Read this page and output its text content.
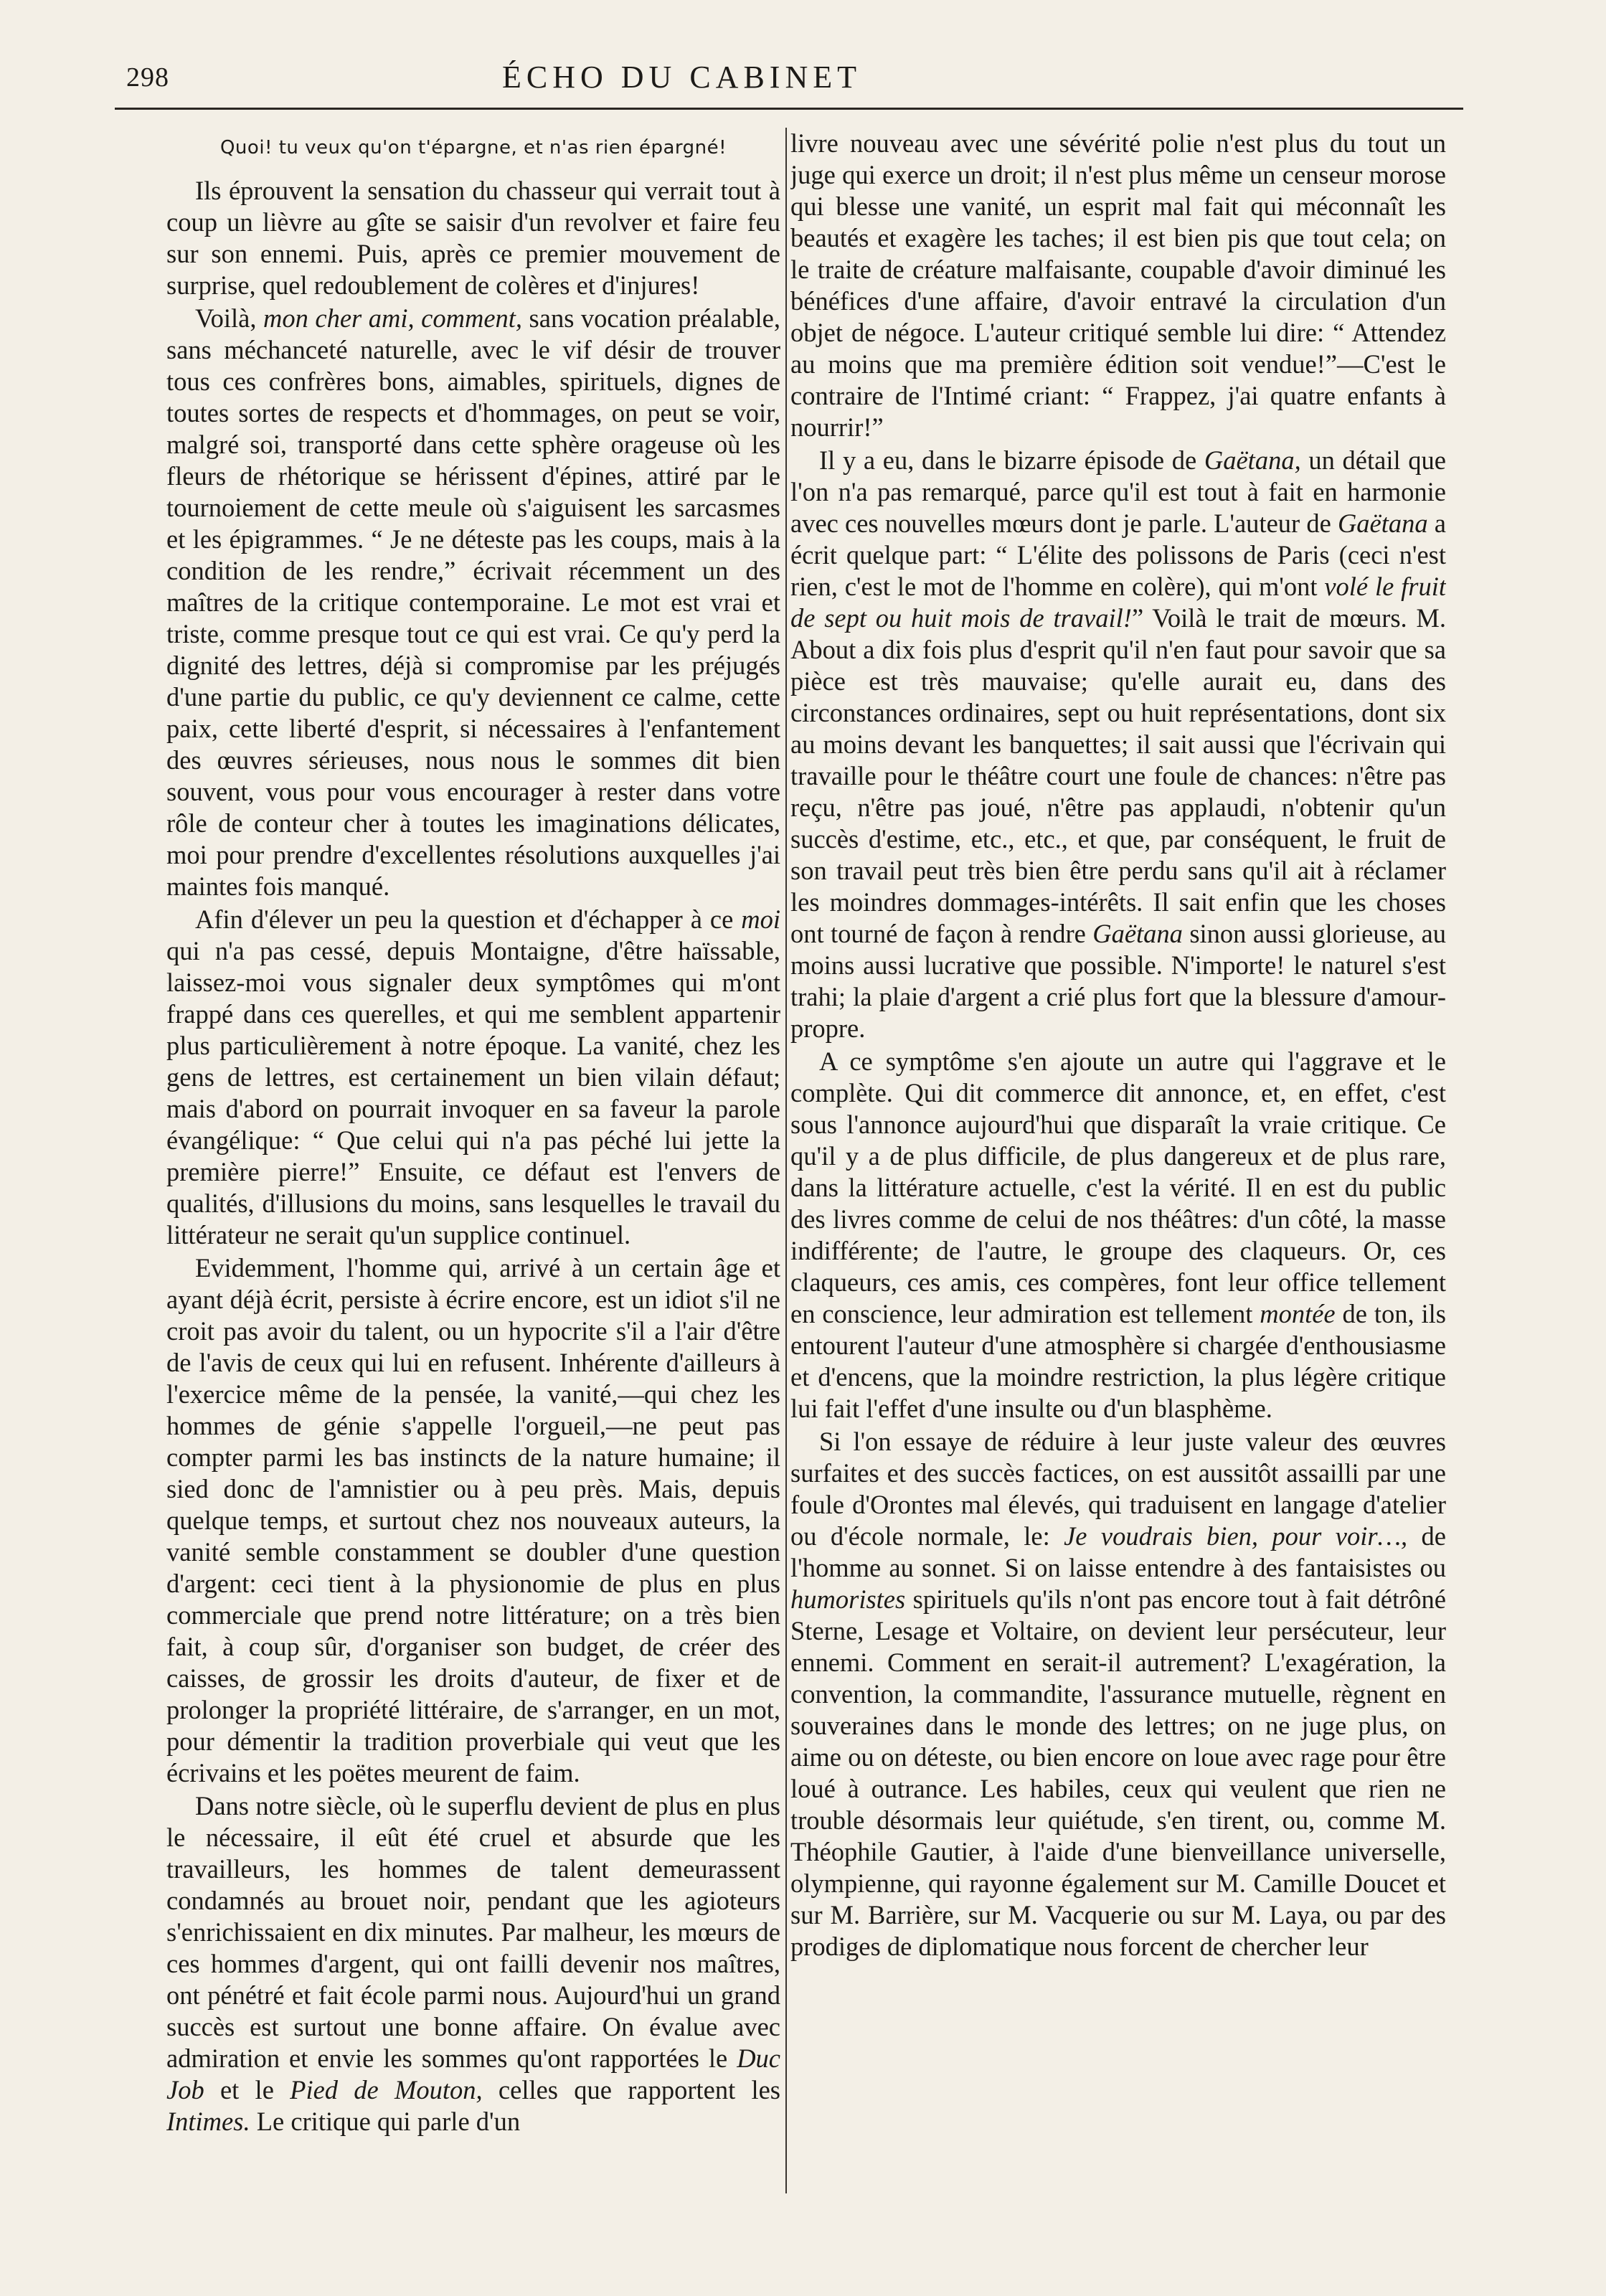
298	ÉCHO DU CABINET
Quoi! tu veux qu'on t'épargne, et n'as rien épargné!

Ils éprouvent la sensation du chasseur qui verrait tout à coup un lièvre au gîte se saisir d'un revolver et faire feu sur son ennemi. Puis, après ce premier mouvement de surprise, quel redoublement de colères et d'injures!

Voilà, mon cher ami, comment, sans vocation préalable, sans méchanceté naturelle, avec le vif désir de trouver tous ces confrères bons, aimables, spirituels, dignes de toutes sortes de respects et d'hommages, on peut se voir, malgré soi, transporté dans cette sphère orageuse où les fleurs de rhétorique se hérissent d'épines, attiré par le tournoiement de cette meule où s'aiguisent les sarcasmes et les épigrammes. “ Je ne déteste pas les coups, mais à la condition de les rendre,” écrivait récemment un des maîtres de la critique contemporaine. Le mot est vrai et triste, comme presque tout ce qui est vrai. Ce qu'y perd la dignité des lettres, déjà si compromise par les préjugés d'une partie du public, ce qu'y deviennent ce calme, cette paix, cette liberté d'esprit, si nécessaires à l'enfantement des œuvres sérieuses, nous nous le sommes dit bien souvent, vous pour vous encourager à rester dans votre rôle de conteur cher à toutes les imaginations délicates, moi pour prendre d'excellentes résolutions auxquelles j'ai maintes fois manqué.

Afin d'élever un peu la question et d'échapper à ce moi qui n'a pas cessé, depuis Montaigne, d'être haïssable, laissez-moi vous signaler deux symptômes qui m'ont frappé dans ces querelles, et qui me semblent appartenir plus particulièrement à notre époque. La vanité, chez les gens de lettres, est certainement un bien vilain défaut; mais d'abord on pourrait invoquer en sa faveur la parole évangélique: “ Que celui qui n'a pas péché lui jette la première pierre!” Ensuite, ce défaut est l'envers de qualités, d'illusions du moins, sans lesquelles le travail du littérateur ne serait qu'un supplice continuel.

Evidemment, l'homme qui, arrivé à un certain âge et ayant déjà écrit, persiste à écrire encore, est un idiot s'il ne croit pas avoir du talent, ou un hypocrite s'il a l'air d'être de l'avis de ceux qui lui en refusent. Inhérente d'ailleurs à l'exercice même de la pensée, la vanité,—qui chez les hommes de génie s'appelle l'orgueil,—ne peut pas compter parmi les bas instincts de la nature humaine; il sied donc de l'amnistier ou à peu près. Mais, depuis quelque temps, et surtout chez nos nouveaux auteurs, la vanité semble constamment se doubler d'une question d'argent: ceci tient à la physionomie de plus en plus commerciale que prend notre littérature; on a très bien fait, à coup sûr, d'organiser son budget, de créer des caisses, de grossir les droits d'auteur, de fixer et de prolonger la propriété littéraire, de s'arranger, en un mot, pour démentir la tradition proverbiale qui veut que les écrivains et les poëtes meurent de faim.

Dans notre siècle, où le superflu devient de plus en plus le nécessaire, il eût été cruel et absurde que les travailleurs, les hommes de talent demeurassent condamnés au brouet noir, pendant que les agioteurs s'enrichissaient en dix minutes. Par malheur, les mœurs de ces hommes d'argent, qui ont failli devenir nos maîtres, ont pénétré et fait école parmi nous. Aujourd'hui un grand succès est surtout une bonne affaire. On évalue avec admiration et envie les sommes qu'ont rapportées le Duc Job et le Pied de Mouton, celles que rapportent les Intimes. Le critique qui parle d'un

livre nouveau avec une sévérité polie n'est plus du tout un juge qui exerce un droit; il n'est plus même un censeur morose qui blesse une vanité, un esprit mal fait qui méconnaît les beautés et exagère les taches; il est bien pis que tout cela; on le traite de créature malfaisante, coupable d'avoir diminué les bénéfices d'une affaire, d'avoir entravé la circulation d'un objet de négoce. L'auteur critiqué semble lui dire: “ Attendez au moins que ma première édition soit vendue!”—C'est le contraire de l'Intimé criant: “ Frappez, j'ai quatre enfants à nourrir!”

Il y a eu, dans le bizarre épisode de Gaëtana, un détail que l'on n'a pas remarqué, parce qu'il est tout à fait en harmonie avec ces nouvelles mœurs dont je parle. L'auteur de Gaëtana a écrit quelque part: “ L'élite des polissons de Paris (ceci n'est rien, c'est le mot de l'homme en colère), qui m'ont volé le fruit de sept ou huit mois de travail!” Voilà le trait de mœurs. M. About a dix fois plus d'esprit qu'il n'en faut pour savoir que sa pièce est très mauvaise; qu'elle aurait eu, dans des circonstances ordinaires, sept ou huit représentations, dont six au moins devant les banquettes; il sait aussi que l'écrivain qui travaille pour le théâtre court une foule de chances: n'être pas reçu, n'être pas joué, n'être pas applaudi, n'obtenir qu'un succès d'estime, etc., etc., et que, par conséquent, le fruit de son travail peut très bien être perdu sans qu'il ait à réclamer les moindres dommages-intérêts. Il sait enfin que les choses ont tourné de façon à rendre Gaëtana sinon aussi glorieuse, au moins aussi lucrative que possible. N'importe! le naturel s'est trahi; la plaie d'argent a crié plus fort que la blessure d'amour-propre.

A ce symptôme s'en ajoute un autre qui l'aggrave et le complète. Qui dit commerce dit annonce, et, en effet, c'est sous l'annonce aujourd'hui que disparaît la vraie critique. Ce qu'il y a de plus difficile, de plus dangereux et de plus rare, dans la littérature actuelle, c'est la vérité. Il en est du public des livres comme de celui de nos théâtres: d'un côté, la masse indifférente; de l'autre, le groupe des claqueurs. Or, ces claqueurs, ces amis, ces compères, font leur office tellement en conscience, leur admiration est tellement montée de ton, ils entourent l'auteur d'une atmosphère si chargée d'enthousiasme et d'encens, que la moindre restriction, la plus légère critique lui fait l'effet d'une insulte ou d'un blasphème.

Si l'on essaye de réduire à leur juste valeur des œuvres surfaites et des succès factices, on est aussitôt assailli par une foule d'Orontes mal élevés, qui traduisent en langage d'atelier ou d'école normale, le: Je voudrais bien, pour voir…, de l'homme au sonnet. Si on laisse entendre à des fantaisistes ou humoristes spirituels qu'ils n'ont pas encore tout à fait détrôné Sterne, Lesage et Voltaire, on devient leur persécuteur, leur ennemi. Comment en serait-il autrement? L'exagération, la convention, la commandite, l'assurance mutuelle, règnent en souveraines dans le monde des lettres; on ne juge plus, on aime ou on déteste, ou bien encore on loue avec rage pour être loué à outrance. Les habiles, ceux qui veulent que rien ne trouble désormais leur quiétude, s'en tirent, ou, comme M. Théophile Gautier, à l'aide d'une bienveillance universelle, olympienne, qui rayonne également sur M. Camille Doucet et sur M. Barrière, sur M. Vacquerie ou sur M. Laya, ou par des prodiges de diplomatique nous forcent de chercher leur
